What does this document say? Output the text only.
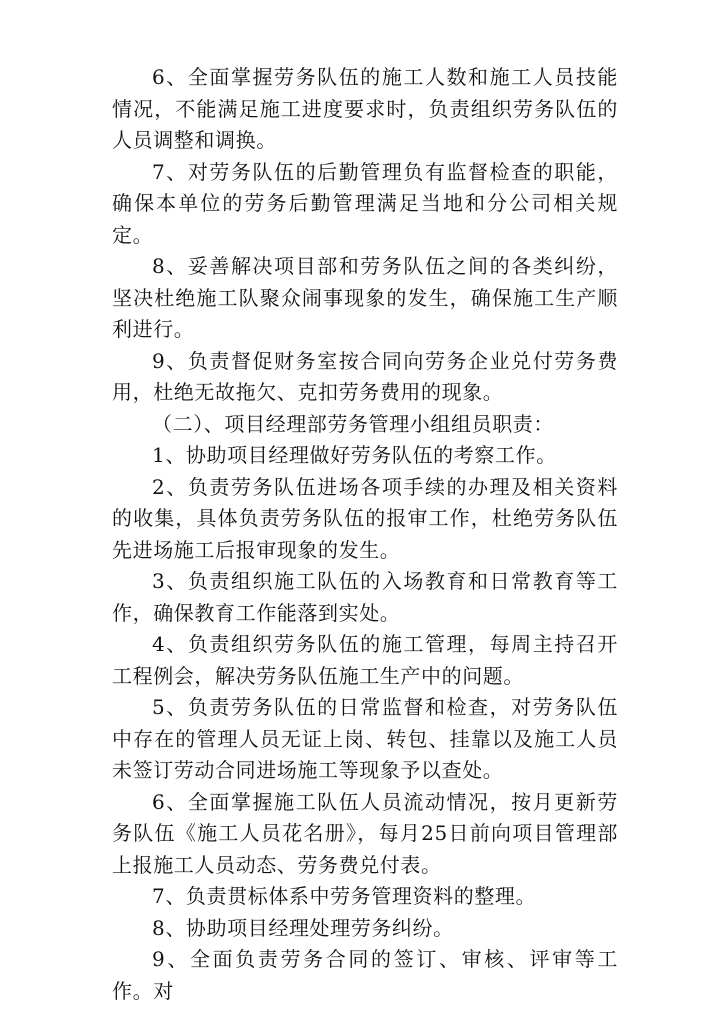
6、全面掌握劳务队伍的施工人数和施工人员技能情况，不能满足施工进度要求时，负责组织劳务队伍的人员调整和调换。

7、对劳务队伍的后勤管理负有监督检查的职能，确保本单位的劳务后勤管理满足当地和分公司相关规定。

8、妥善解决项目部和劳务队伍之间的各类纠纷，坚决杜绝施工队聚众闹事现象的发生，确保施工生产顺利进行。

9、负责督促财务室按合同向劳务企业兑付劳务费用，杜绝无故拖欠、克扣劳务费用的现象。

（二）、项目经理部劳务管理小组组员职责：

1、协助项目经理做好劳务队伍的考察工作。

2、负责劳务队伍进场各项手续的办理及相关资料的收集，具体负责劳务队伍的报审工作，杜绝劳务队伍先进场施工后报审现象的发生。

3、负责组织施工队伍的入场教育和日常教育等工作，确保教育工作能落到实处。

4、负责组织劳务队伍的施工管理，每周主持召开工程例会，解决劳务队伍施工生产中的问题。

5、负责劳务队伍的日常监督和检查，对劳务队伍中存在的管理人员无证上岗、转包、挂靠以及施工人员未签订劳动合同进场施工等现象予以查处。

6、全面掌握施工队伍人员流动情况，按月更新劳务队伍《施工人员花名册》，每月25日前向项目管理部上报施工人员动态、劳务费兑付表。

7、负责贯标体系中劳务管理资料的整理。

8、协助项目经理处理劳务纠纷。

9、全面负责劳务合同的签订、审核、评审等工作。对
